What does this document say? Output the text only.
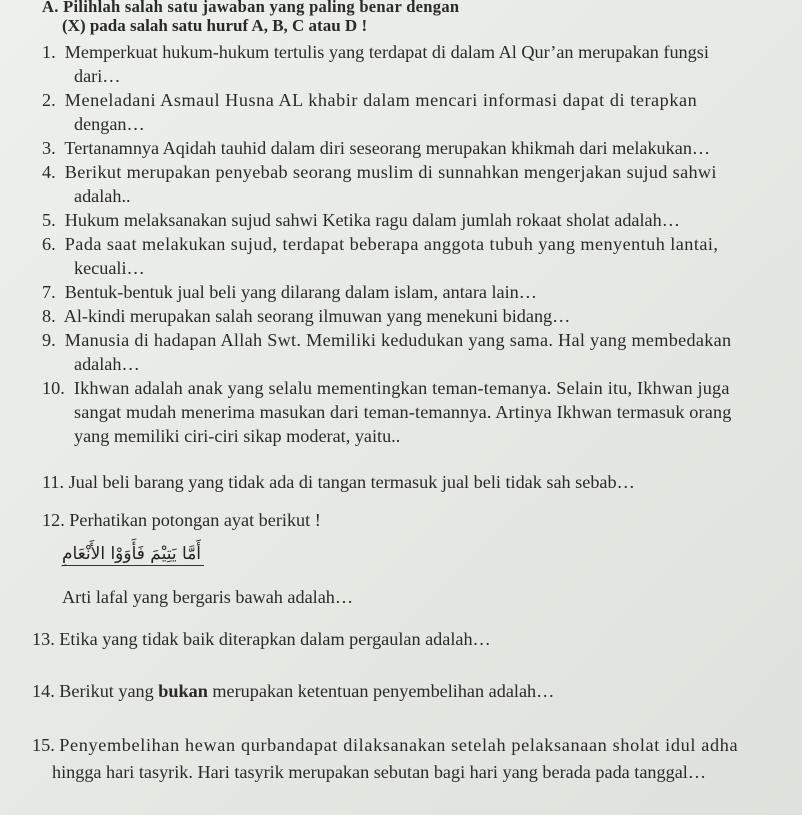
A. Pilihlah salah satu jawaban yang paling benar dengan
(X) pada salah satu huruf A, B, C atau D !
1. Memperkuat hukum-hukum tertulis yang terdapat di dalam Al Qur’an merupakan fungsi
dari…
2. Meneladani Asmaul Husna AL khabir dalam mencari informasi dapat di terapkan
dengan…
3. Tertanamnya Aqidah tauhid dalam diri seseorang merupakan khikmah dari melakukan…
4. Berikut merupakan penyebab seorang muslim di sunnahkan mengerjakan sujud sahwi
adalah..
5. Hukum melaksanakan sujud sahwi Ketika ragu dalam jumlah rokaat sholat adalah…
6. Pada saat melakukan sujud, terdapat beberapa anggota tubuh yang menyentuh lantai,
kecuali…
7. Bentuk-bentuk jual beli yang dilarang dalam islam, antara lain…
8. Al-kindi merupakan salah seorang ilmuwan yang menekuni bidang…
9. Manusia di hadapan Allah Swt. Memiliki kedudukan yang sama. Hal yang membedakan
adalah…
10. Ikhwan adalah anak yang selalu mementingkan teman-temanya. Selain itu, Ikhwan juga
sangat mudah menerima masukan dari teman-temannya. Artinya Ikhwan termasuk orang
yang memiliki ciri-ciri sikap moderat, yaitu..
11. Jual beli barang yang tidak ada di tangan termasuk jual beli tidak sah sebab…
12. Perhatikan potongan ayat berikut !
أَمَّا يَتِيْمَ فَأَوَوْا الأَنْعَامِ
Arti lafal yang bergaris bawah adalah…
13. Etika yang tidak baik diterapkan dalam pergaulan adalah…
14. Berikut yang bukan merupakan ketentuan penyembelihan adalah…
15. Penyembelihan hewan qurbandapat dilaksanakan setelah pelaksanaan sholat idul adha
hingga hari tasyrik. Hari tasyrik merupakan sebutan bagi hari yang berada pada tanggal…
